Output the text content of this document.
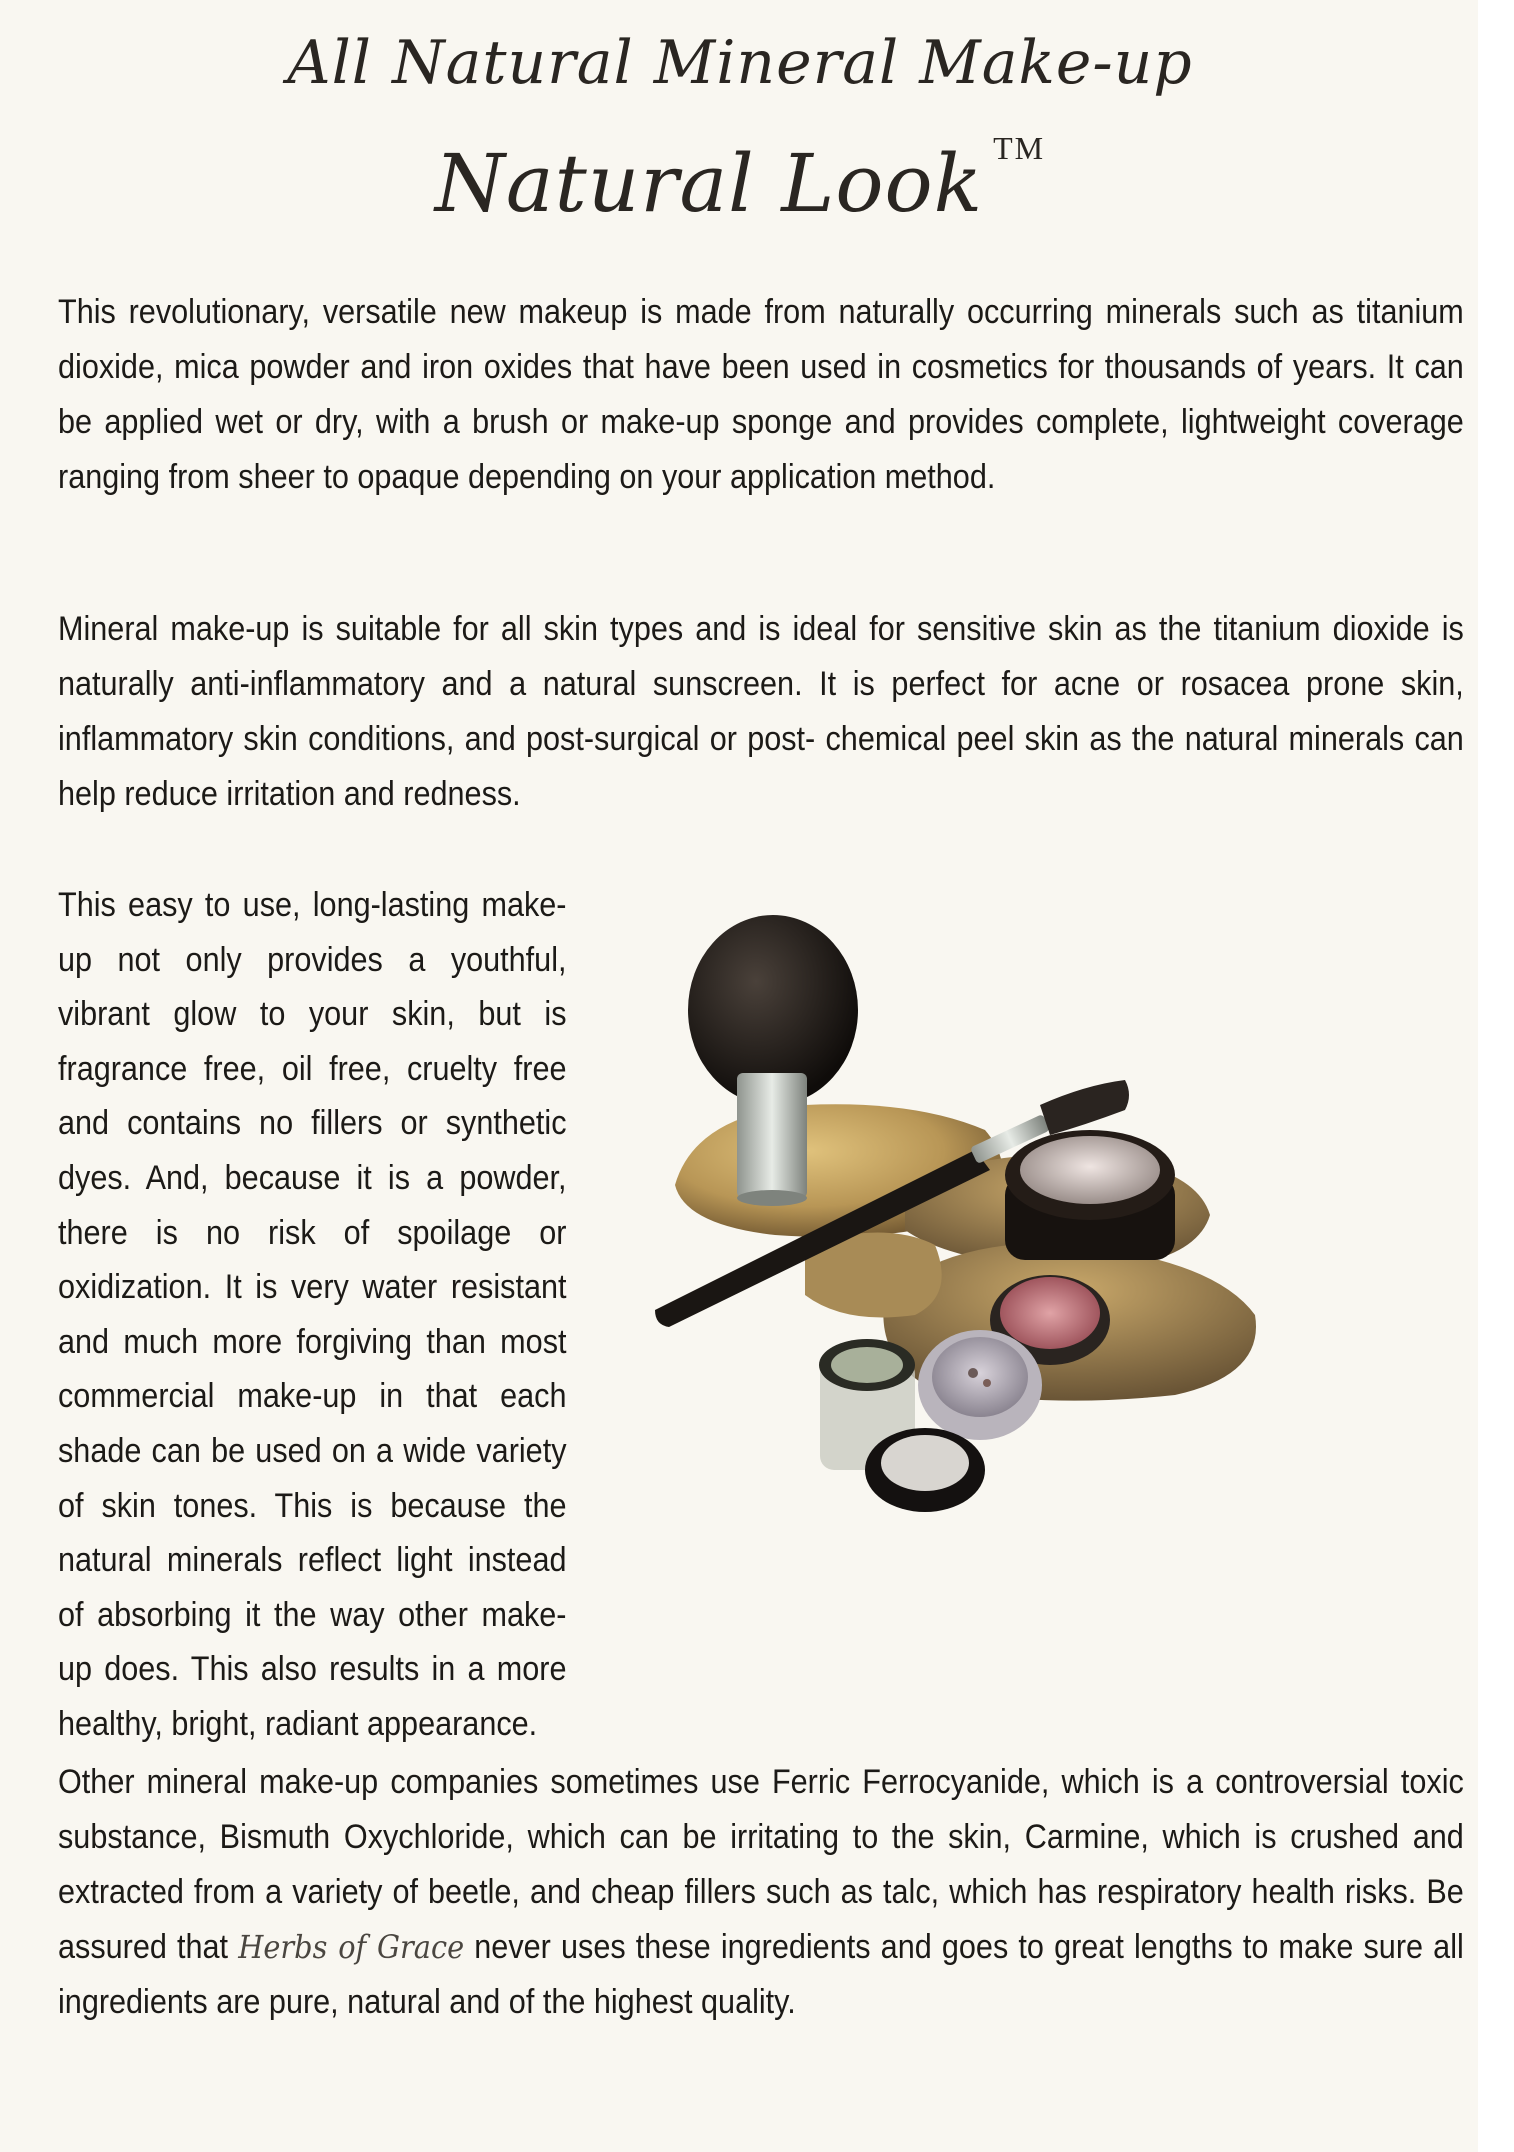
All Natural Mineral Make-up
Natural Look ™

This revolutionary, versatile new makeup is made from naturally occurring minerals such as titanium dioxide, mica powder and iron oxides that have been used in cosmetics for thousands of years. It can be applied wet or dry, with a brush or make-up sponge and provides complete, lightweight coverage ranging from sheer to opaque depending on your application method.

Mineral make-up is suitable for all skin types and is ideal for sensitive skin as the titanium dioxide is naturally anti-inflammatory and a natural sunscreen. It is perfect for acne or rosacea prone skin, inflammatory skin conditions, and post-surgical or post- chemical peel skin as the natural minerals can help reduce irritation and redness.

This easy to use, long-lasting make-up not only provides a youthful, vibrant glow to your skin, but is fragrance free, oil free, cruelty free and contains no fillers or synthetic dyes. And, because it is a powder, there is no risk of spoilage or oxidization. It is very water resistant and much more forgiving than most commercial make-up in that each shade can be used on a wide variety of skin tones. This is because the natural minerals reflect light instead of absorbing it the way other make-up does. This also results in a more healthy, bright, radiant appearance.

Other mineral make-up companies sometimes use Ferric Ferrocyanide, which is a controversial toxic substance, Bismuth Oxychloride, which can be irritating to the skin, Carmine, which is crushed and extracted from a variety of beetle, and cheap fillers such as talc, which has respiratory health risks. Be assured that Herbs of Grace never uses these ingredients and goes to great lengths to make sure all ingredients are pure, natural and of the highest quality.
